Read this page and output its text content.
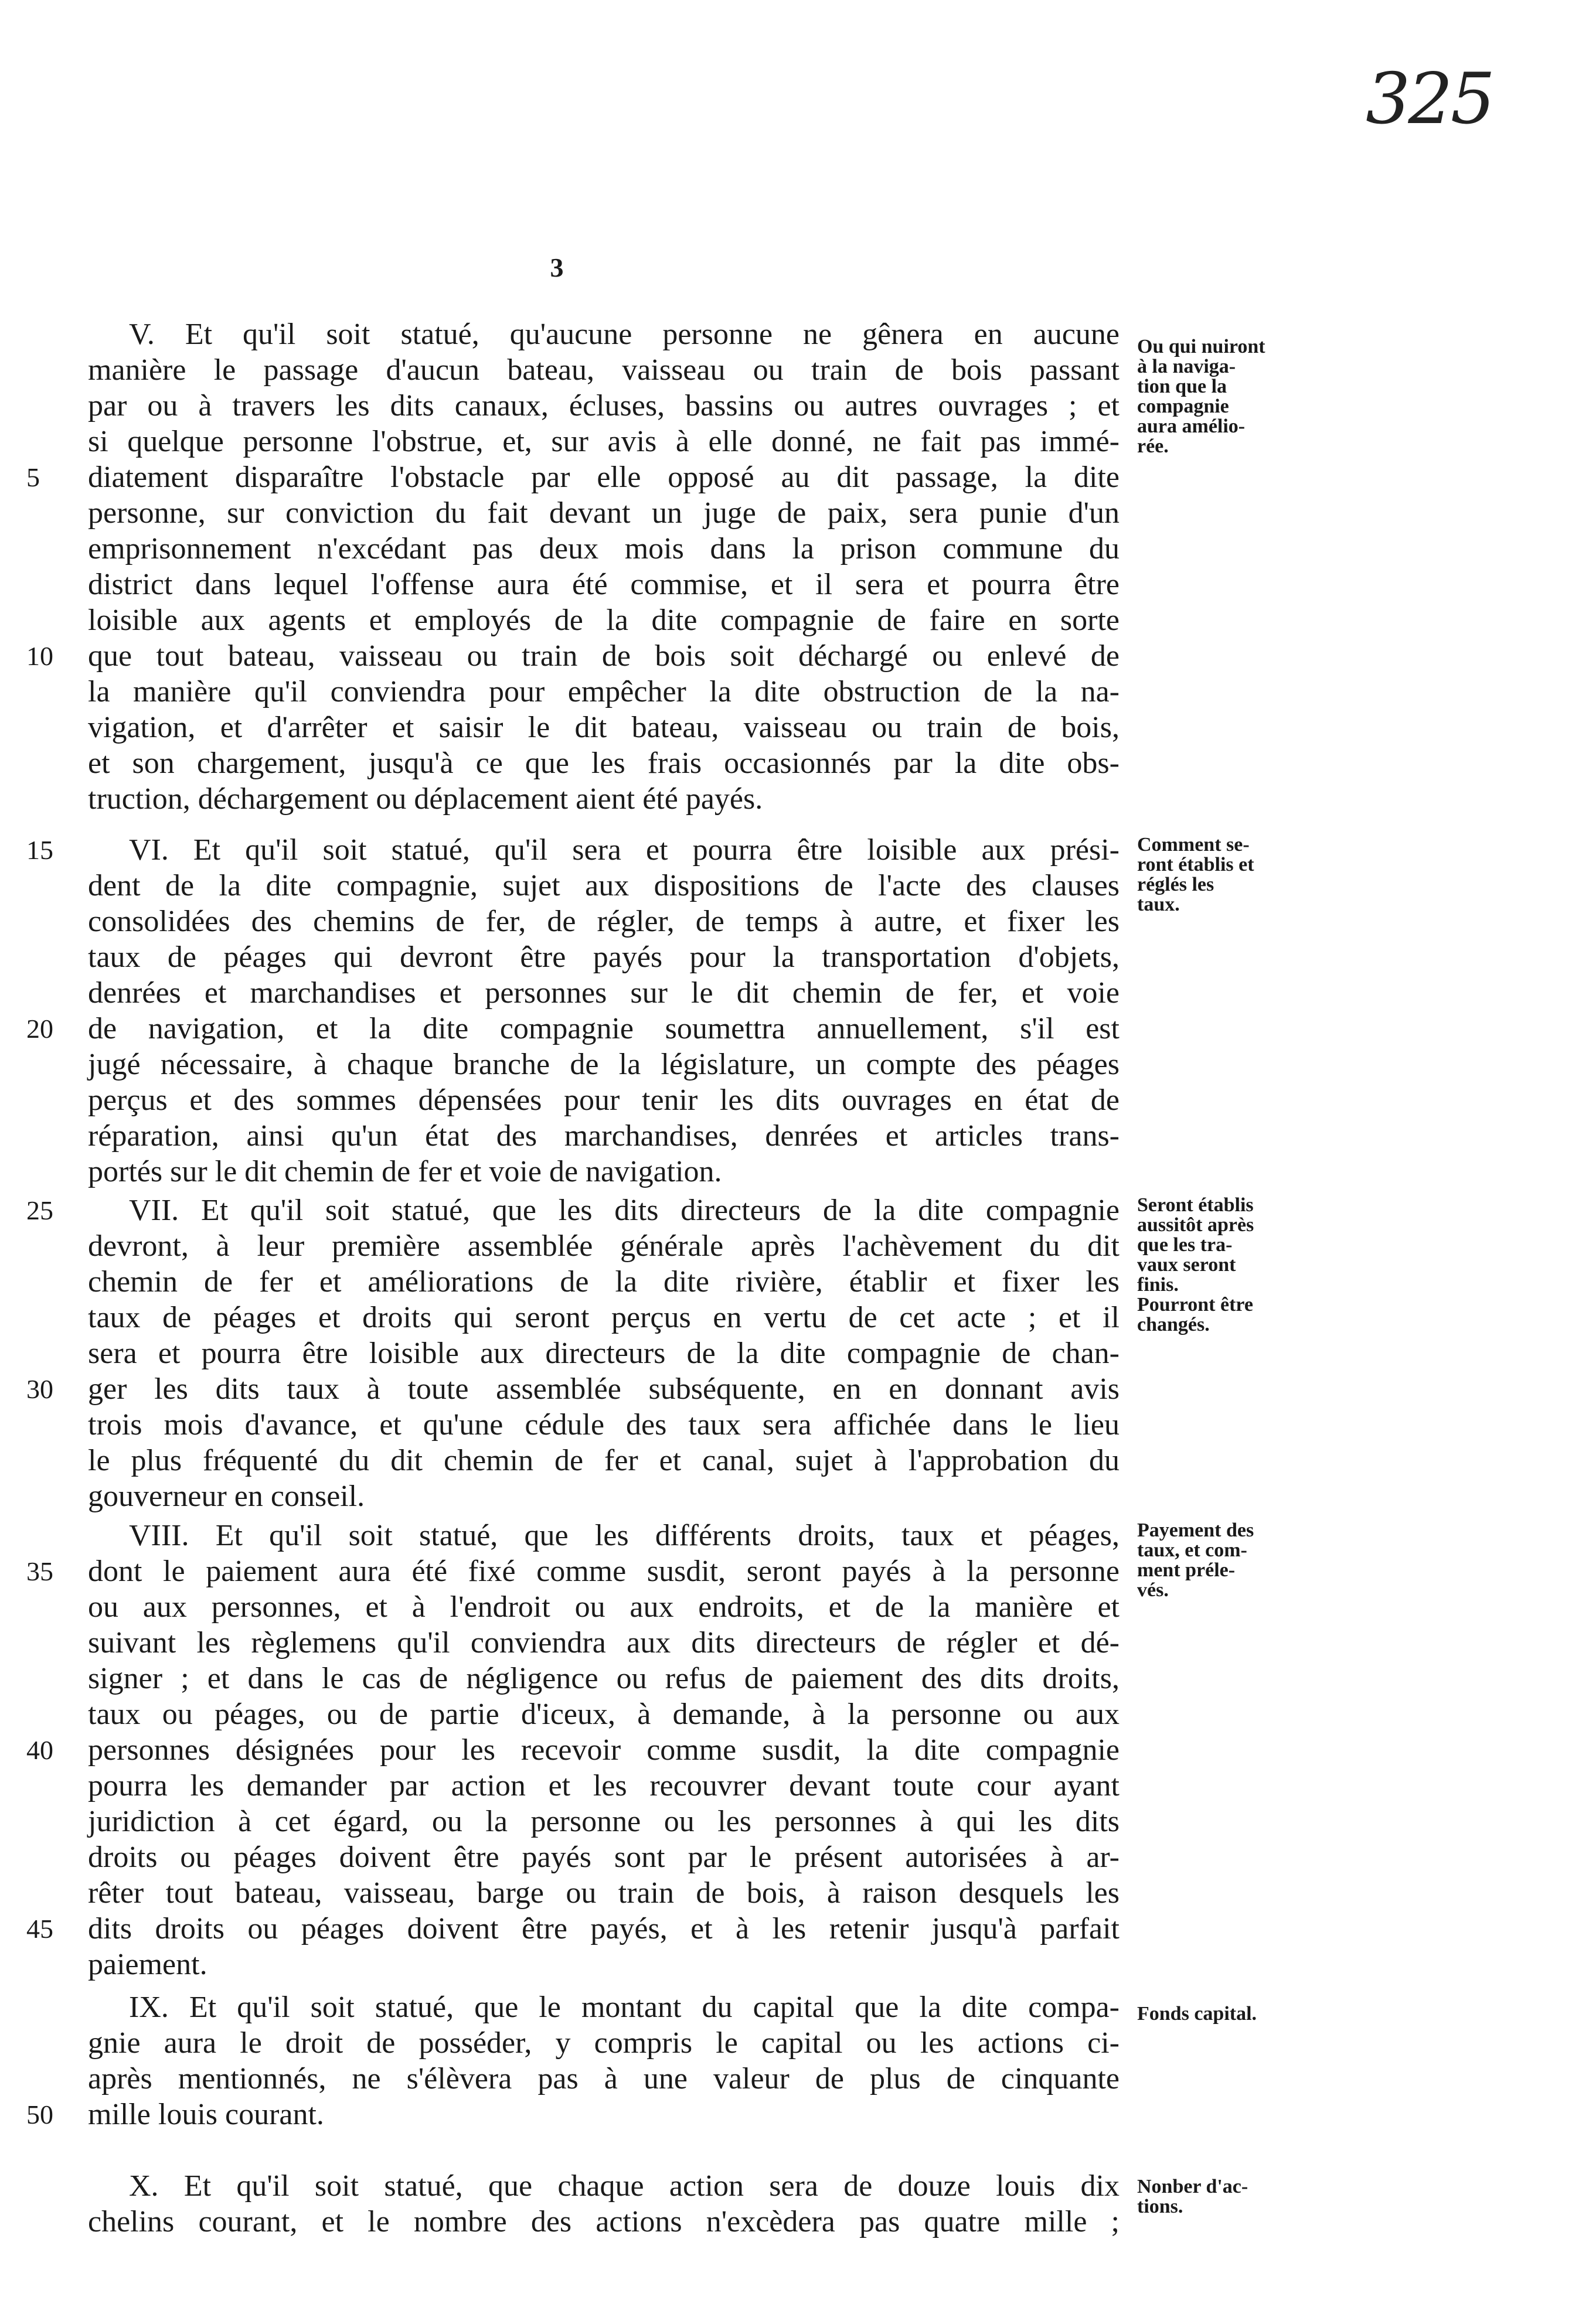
325
3
V. Et qu'il soit statué, qu'aucune personne ne gênera en aucune
manière le passage d'aucun bateau, vaisseau ou train de bois passant
par ou à travers les dits canaux, écluses, bassins ou autres ouvrages ; et
si quelque personne l'obstrue, et, sur avis à elle donné, ne fait pas immé-
diatement disparaître l'obstacle par elle opposé au dit passage, la dite
5
personne, sur conviction du fait devant un juge de paix, sera punie d'un
emprisonnement n'excédant pas deux mois dans la prison commune du
district dans lequel l'offense aura été commise, et il sera et pourra être
loisible aux agents et employés de la dite compagnie de faire en sorte
que tout bateau, vaisseau ou train de bois soit déchargé ou enlevé de
10
la manière qu'il conviendra pour empêcher la dite obstruction de la na-
vigation, et d'arrêter et saisir le dit bateau, vaisseau ou train de bois,
et son chargement, jusqu'à ce que les frais occasionnés par la dite obs-
truction, déchargement ou déplacement aient été payés.
Ou qui nuiront
à la naviga-
tion que la
compagnie
aura amélio-
rée.
VI. Et qu'il soit statué, qu'il sera et pourra être loisible aux prési-
15
dent de la dite compagnie, sujet aux dispositions de l'acte des clauses
consolidées des chemins de fer, de régler, de temps à autre, et fixer les
taux de péages qui devront être payés pour la transportation d'objets,
denrées et marchandises et personnes sur le dit chemin de fer, et voie
de navigation, et la dite compagnie soumettra annuellement, s'il est
20
jugé nécessaire, à chaque branche de la législature, un compte des péages
perçus et des sommes dépensées pour tenir les dits ouvrages en état de
réparation, ainsi qu'un état des marchandises, denrées et articles trans-
portés sur le dit chemin de fer et voie de navigation.
Comment se-
ront établis et
réglés les
taux.
VII. Et qu'il soit statué, que les dits directeurs de la dite compagnie
25
devront, à leur première assemblée générale après l'achèvement du dit
chemin de fer et améliorations de la dite rivière, établir et fixer les
taux de péages et droits qui seront perçus en vertu de cet acte ; et il
sera et pourra être loisible aux directeurs de la dite compagnie de chan-
ger les dits taux à toute assemblée subséquente, en en donnant avis
30
trois mois d'avance, et qu'une cédule des taux sera affichée dans le lieu
le plus fréquenté du dit chemin de fer et canal, sujet à l'approbation du
gouverneur en conseil.
Seront établis
aussitôt après
que les tra-
vaux seront
finis.
Pourront être
changés.
VIII. Et qu'il soit statué, que les différents droits, taux et péages,
dont le paiement aura été fixé comme susdit, seront payés à la personne
35
ou aux personnes, et à l'endroit ou aux endroits, et de la manière et
suivant les règlemens qu'il conviendra aux dits directeurs de régler et dé-
signer ; et dans le cas de négligence ou refus de paiement des dits droits,
taux ou péages, ou de partie d'iceux, à demande, à la personne ou aux
personnes désignées pour les recevoir comme susdit, la dite compagnie
40
pourra les demander par action et les recouvrer devant toute cour ayant
juridiction à cet égard, ou la personne ou les personnes à qui les dits
droits ou péages doivent être payés sont par le présent autorisées à ar-
rêter tout bateau, vaisseau, barge ou train de bois, à raison desquels les
dits droits ou péages doivent être payés, et à les retenir jusqu'à parfait
45
paiement.
Payement des
taux, et com-
ment préle-
vés.
IX. Et qu'il soit statué, que le montant du capital que la dite compa-
gnie aura le droit de posséder, y compris le capital ou les actions ci-
après mentionnés, ne s'élèvera pas à une valeur de plus de cinquante
mille louis courant.
50
Fonds capital.
X. Et qu'il soit statué, que chaque action sera de douze louis dix
chelins courant, et le nombre des actions n'excèdera pas quatre mille ;
Nonber d'ac-
tions.
